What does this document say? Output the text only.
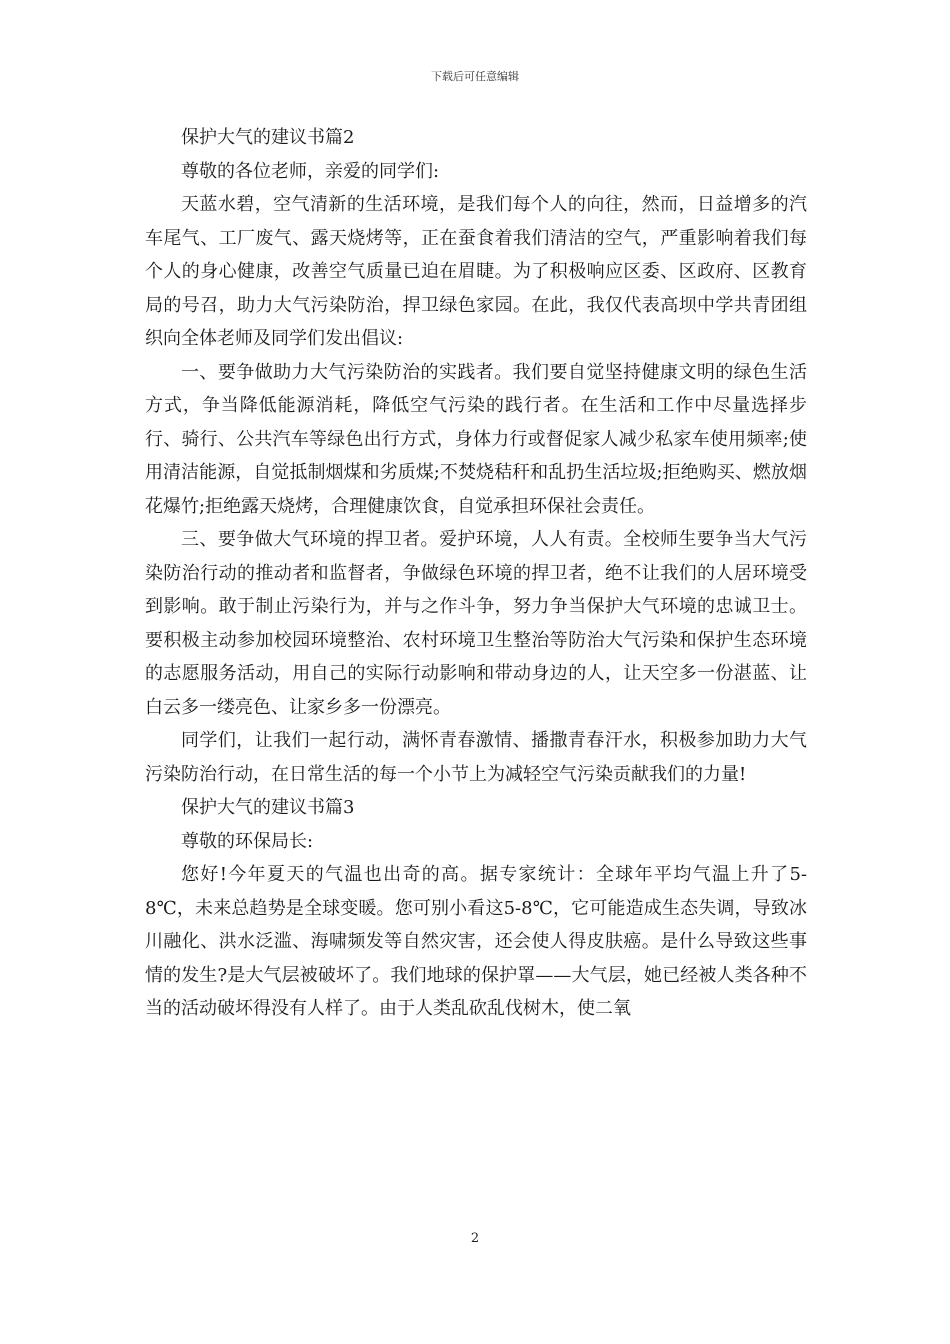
下载后可任意编辑

保护大气的建议书篇2

尊敬的各位老师，亲爱的同学们:

天蓝水碧，空气清新的生活环境，是我们每个人的向往，然而，日益增多的汽车尾气、工厂废气、露天烧烤等，正在蚕食着我们清洁的空气，严重影响着我们每个人的身心健康，改善空气质量已迫在眉睫。为了积极响应区委、区政府、区教育局的号召，助力大气污染防治，捍卫绿色家园。在此，我仅代表高坝中学共青团组织向全体老师及同学们发出倡议:

一、要争做助力大气污染防治的实践者。我们要自觉坚持健康文明的绿色生活方式，争当降低能源消耗，降低空气污染的践行者。在生活和工作中尽量选择步行、骑行、公共汽车等绿色出行方式，身体力行或督促家人减少私家车使用频率;使用清洁能源，自觉抵制烟煤和劣质煤;不焚烧秸秆和乱扔生活垃圾;拒绝购买、燃放烟花爆竹;拒绝露天烧烤，合理健康饮食，自觉承担环保社会责任。

三、要争做大气环境的捍卫者。爱护环境，人人有责。全校师生要争当大气污染防治行动的推动者和监督者，争做绿色环境的捍卫者，绝不让我们的人居环境受到影响。敢于制止污染行为，并与之作斗争，努力争当保护大气环境的忠诚卫士。要积极主动参加校园环境整治、农村环境卫生整治等防治大气污染和保护生态环境的志愿服务活动，用自己的实际行动影响和带动身边的人，让天空多一份湛蓝、让白云多一缕亮色、让家乡多一份漂亮。

同学们，让我们一起行动，满怀青春激情、播撒青春汗水，积极参加助力大气污染防治行动，在日常生活的每一个小节上为减轻空气污染贡献我们的力量!

保护大气的建议书篇3

尊敬的环保局长:

您好!今年夏天的气温也出奇的高。据专家统计：全球年平均气温上升了5-8℃，未来总趋势是全球变暖。您可别小看这5-8℃，它可能造成生态失调，导致冰川融化、洪水泛滥、海啸频发等自然灾害，还会使人得皮肤癌。是什么导致这些事情的发生?是大气层被破坏了。我们地球的保护罩——大气层，她已经被人类各种不当的活动破坏得没有人样了。由于人类乱砍乱伐树木，使二氧

2
